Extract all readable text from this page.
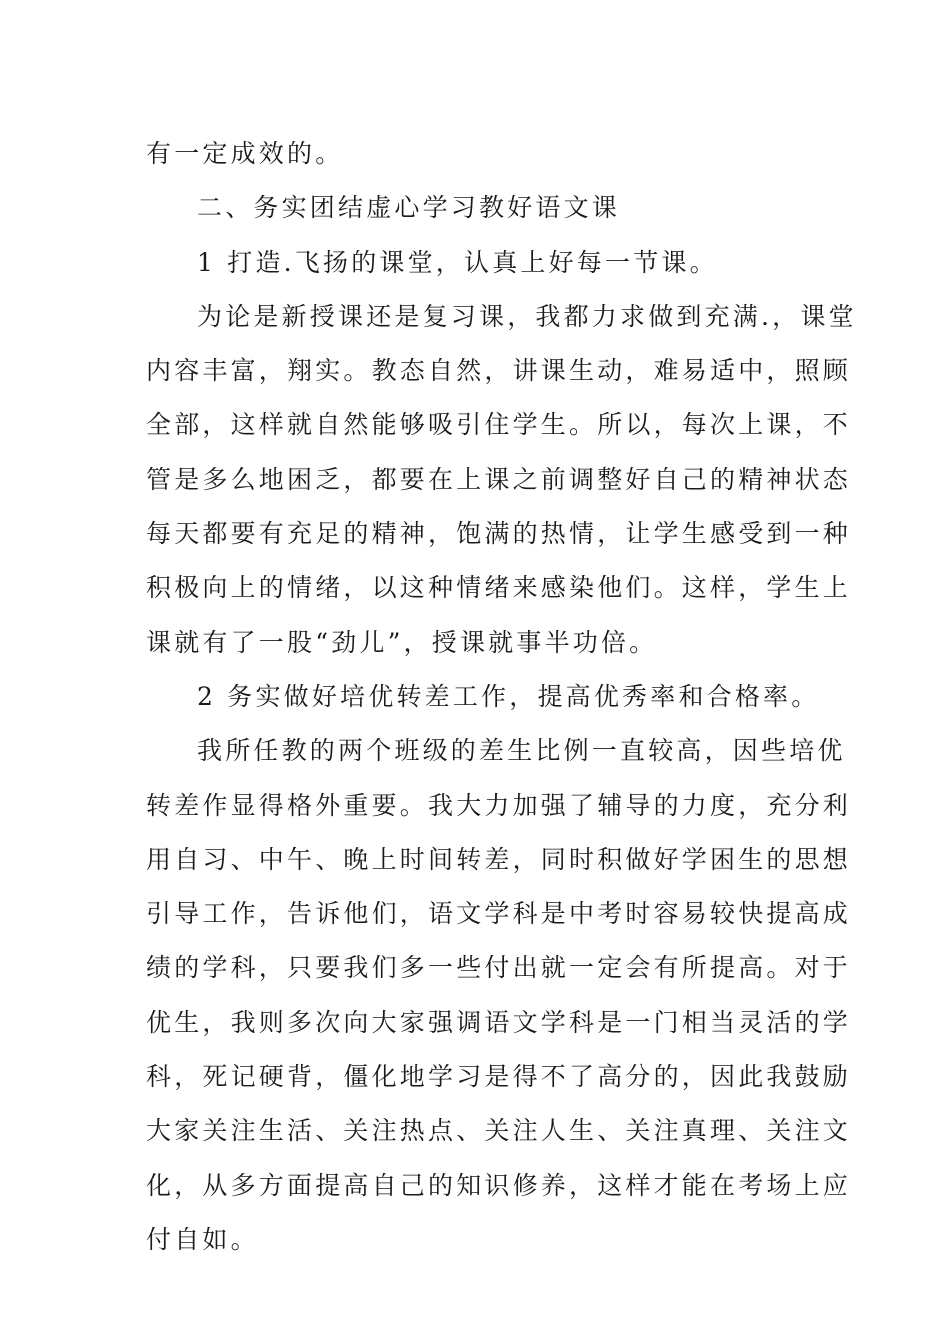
有一定成效的。
二、务实团结虚心学习教好语文课
1 打造.飞扬的课堂，认真上好每一节课。
为论是新授课还是复习课，我都力求做到充满.，课堂
内容丰富，翔实。教态自然，讲课生动，难易适中，照顾
全部，这样就自然能够吸引住学生。所以，每次上课，不
管是多么地困乏，都要在上课之前调整好自己的精神状态
每天都要有充足的精神，饱满的热情，让学生感受到一种
积极向上的情绪，以这种情绪来感染他们。这样，学生上
课就有了一股“劲儿”，授课就事半功倍。
2 务实做好培优转差工作，提高优秀率和合格率。
我所任教的两个班级的差生比例一直较高，因些培优
转差作显得格外重要。我大力加强了辅导的力度，充分利
用自习、中午、晚上时间转差，同时积做好学困生的思想
引导工作，告诉他们，语文学科是中考时容易较快提高成
绩的学科，只要我们多一些付出就一定会有所提高。对于
优生，我则多次向大家强调语文学科是一门相当灵活的学
科，死记硬背，僵化地学习是得不了高分的，因此我鼓励
大家关注生活、关注热点、关注人生、关注真理、关注文
化，从多方面提高自己的知识修养，这样才能在考场上应
付自如。
